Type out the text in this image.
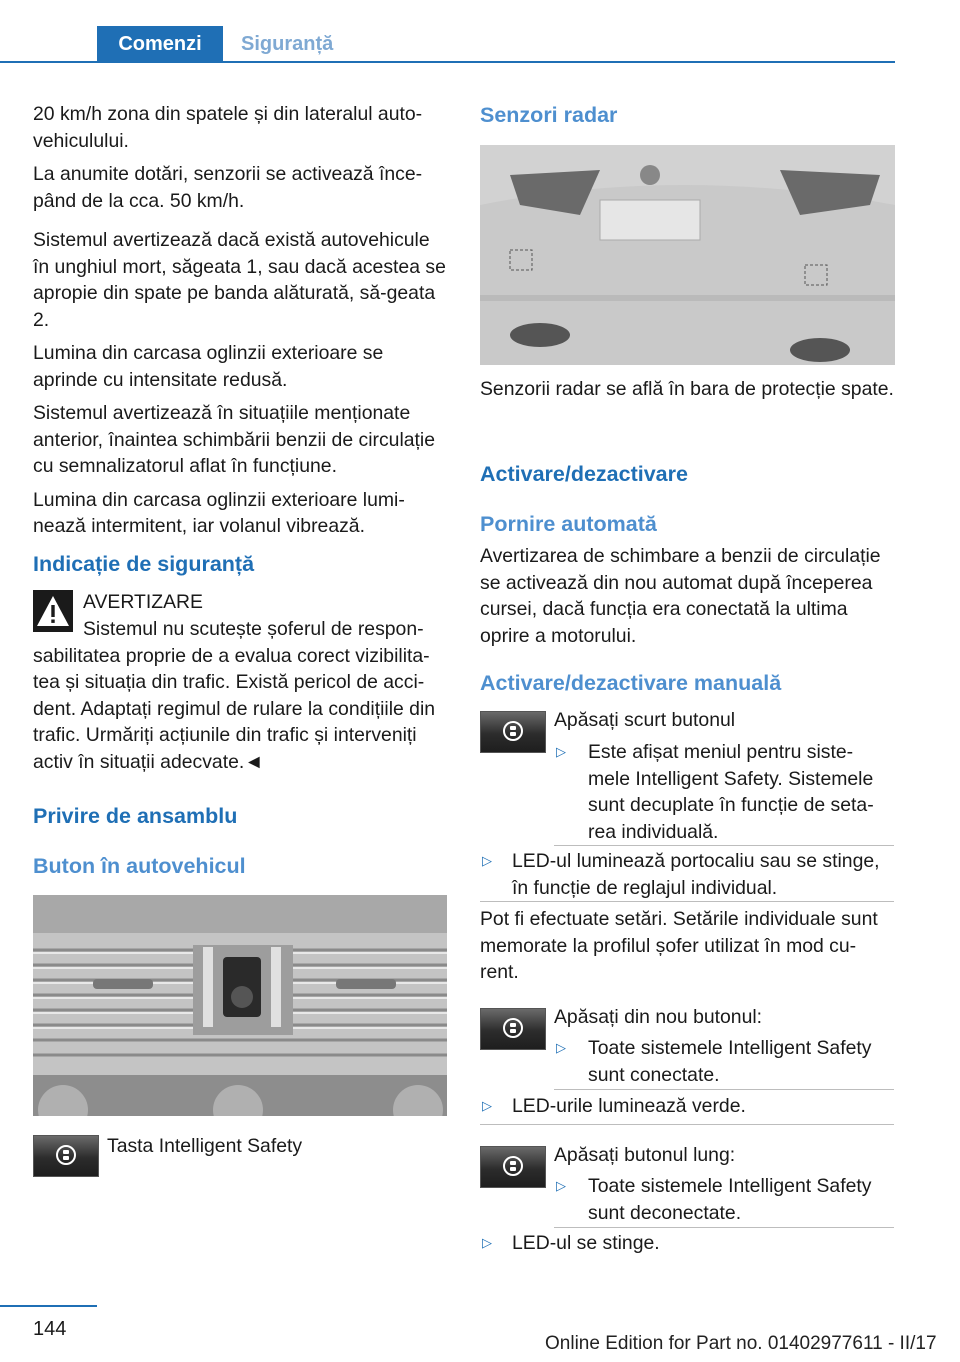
Comenzi	Siguranță

20 km/h zona din spatele și din lateralul auto-vehiculului.

La anumite dotări, senzorii se activează înce-pând de la cca. 50 km/h.

Sistemul avertizează dacă există autovehicule în unghiul mort, săgeata 1, sau dacă acestea se apropie din spate pe banda alăturată, să-geata 2.

Lumina din carcasa oglinzii exterioare se aprinde cu intensitate redusă.

Sistemul avertizează în situațiile menționate anterior, înaintea schimbării benzii de circulație cu semnalizatorul aflat în funcțiune.

Lumina din carcasa oglinzii exterioare lumi-nează intermitent, iar volanul vibrează.

Indicație de siguranță

AVERTIZARE

Sistemul nu scutește șoferul de respon-sabilitatea proprie de a evalua corect vizibilita-tea și situația din trafic. Există pericol de acci-dent. Adaptați regimul de rulare la condițiile din trafic. Urmăriți acțiunile din trafic și interveniți activ în situații adecvate.◄

Privire de ansamblu
Buton în autovehicul
Tasta Intelligent Safety
Senzori radar

Senzorii radar se află în bara de protecție spate.

Activare/dezactivare
Pornire automată

Avertizarea de schimbare a benzii de circulație se activează din nou automat după începerea cursei, dacă funcția era conectată la ultima oprire a motorului.

Activare/dezactivare manuală
Apăsați scurt butonul
▷ Este afișat meniul pentru siste-mele Intelligent Safety. Sistemele sunt decuplate în funcție de seta-rea individuală.
▷ LED-ul luminează portocaliu sau se stinge, în funcție de reglajul individual.

Pot fi efectuate setări. Setările individuale sunt memorate la profilul șofer utilizat în mod cu-rent.

Apăsați din nou butonul:
▷ Toate sistemele Intelligent Safety sunt conectate.
▷ LED-urile luminează verde.
Apăsați butonul lung:
▷ Toate sistemele Intelligent Safety sunt deconectate.
▷ LED-ul se stinge.
144
Online Edition for Part no. 01402977611 - II/17
